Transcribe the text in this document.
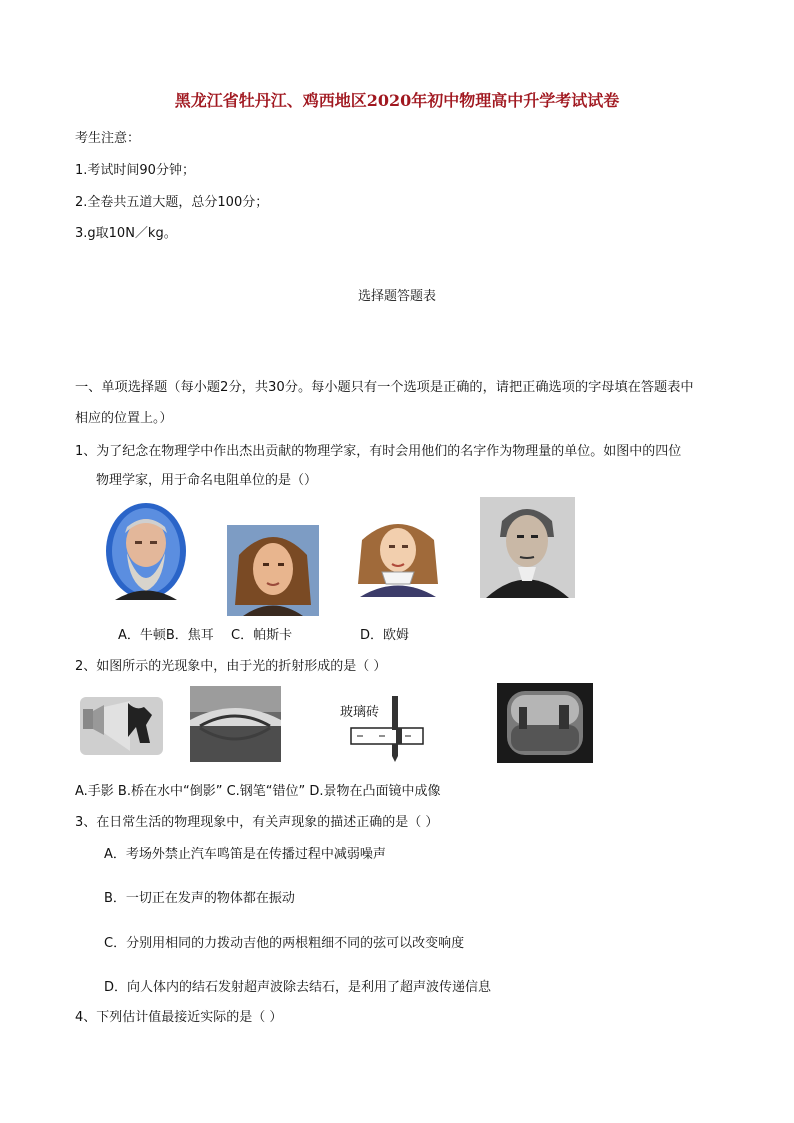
黑龙江省牡丹江、鸡西地区2020年初中物理高中升学考试试卷
考生注意：
1.考试时间90分钟；
2.全卷共五道大题，总分100分；
3.g取10N／kg。
选择题答题表
一、单项选择题（每小题2分，共30分。每小题只有一个选项是正确的，请把正确选项的字母填在答题表中
相应的位置上。）
1、为了纪念在物理学中作出杰出贡献的物理学家，有时会用他们的名字作为物理量的单位。如图中的四位
物理学家，用于命名电阻单位的是（）
A．牛顿B．焦耳 C．帕斯卡	D．欧姆
2、如图所示的光现象中，由于光的折射形成的是（ ）
玻璃砖
A.手影 B.桥在水中“倒影” C.钢笔“错位” D.景物在凸面镜中成像
3、在日常生活的物理现象中，有关声现象的描述正确的是（ ）
A．考场外禁止汽车鸣笛是在传播过程中减弱噪声
B．一切正在发声的物体都在振动
C．分别用相同的力拨动吉他的两根粗细不同的弦可以改变响度
D．向人体内的结石发射超声波除去结石，是利用了超声波传递信息
4、下列估计值最接近实际的是（ ）
